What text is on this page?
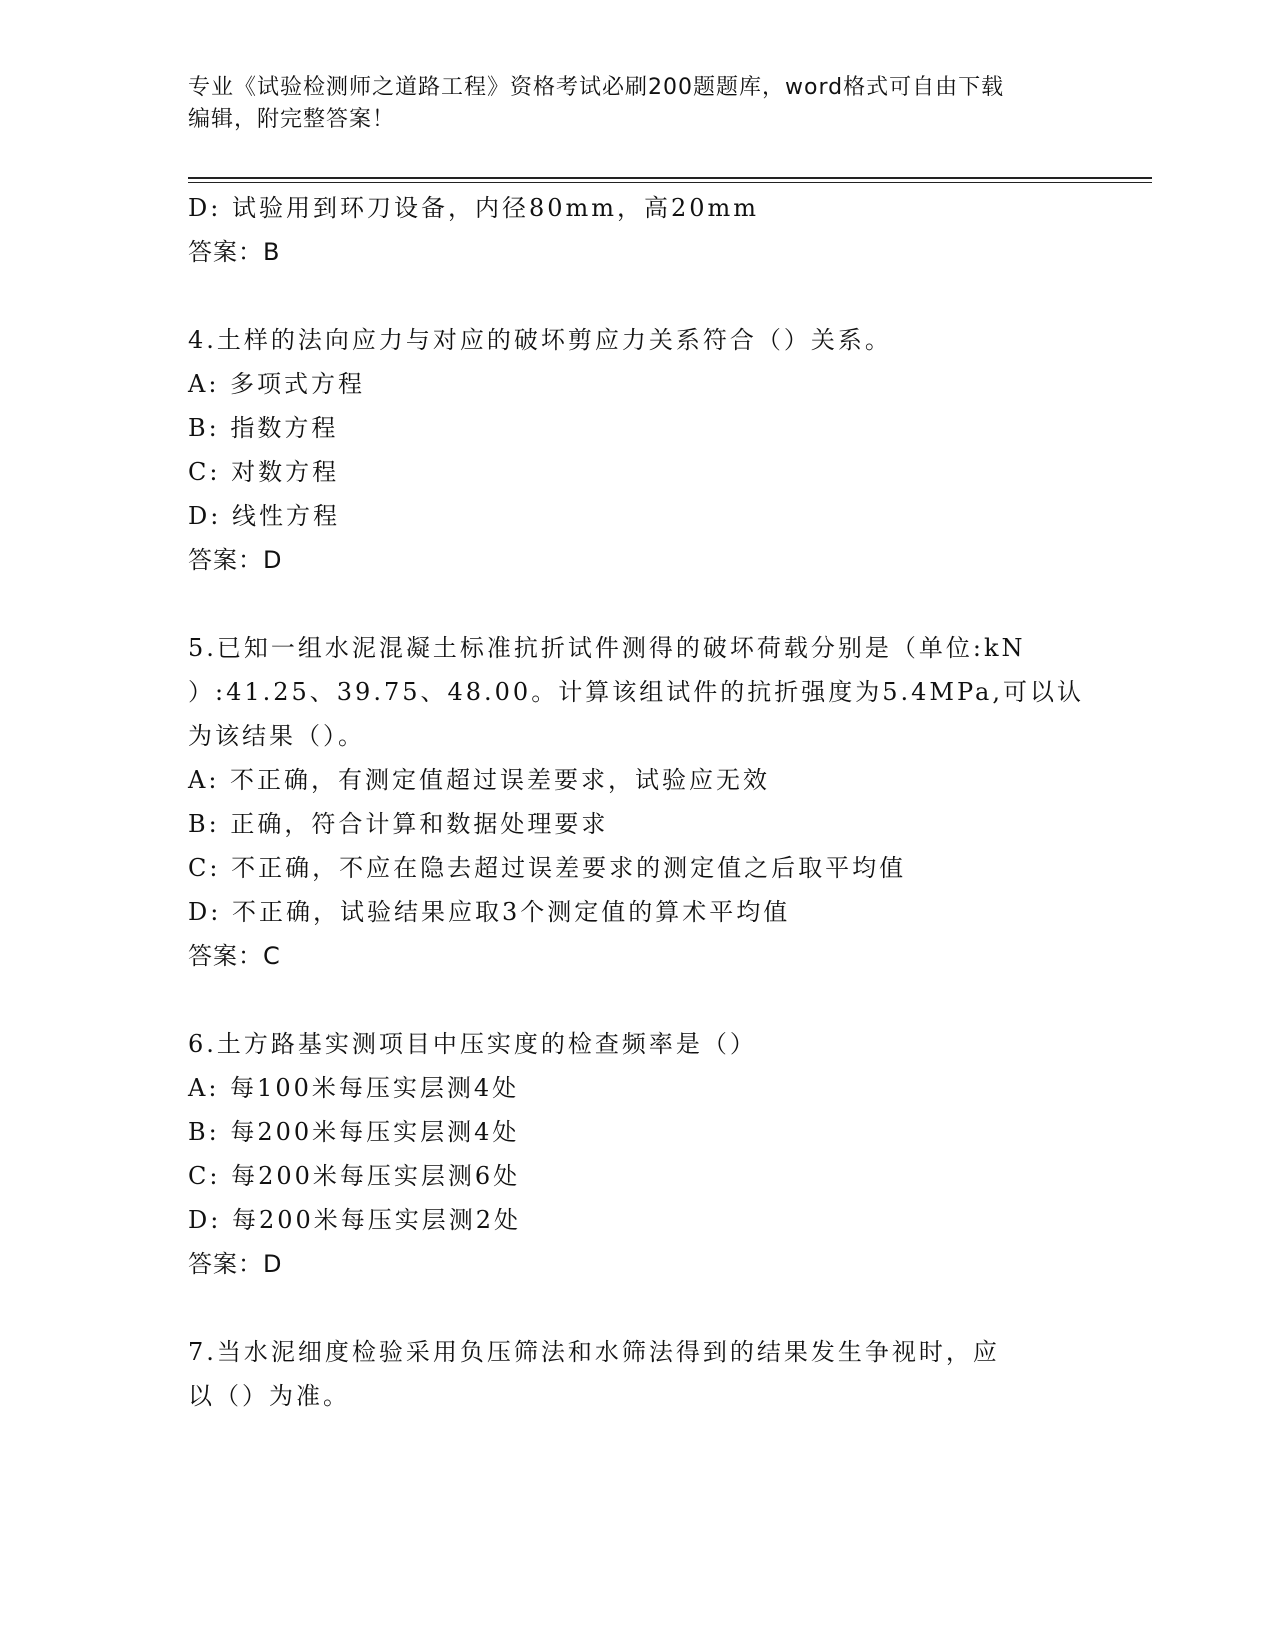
专业《试验检测师之道路工程》资格考试必刷200题题库，word格式可自由下载
编辑，附完整答案！
D: 试验用到环刀设备，内径80mm，高20mm
答案：B
4.土样的法向应力与对应的破坏剪应力关系符合（）关系。
A: 多项式方程
B: 指数方程
C: 对数方程
D: 线性方程
答案：D
5.已知一组水泥混凝土标准抗折试件测得的破坏荷载分别是（单位:kN
）:41.25、39.75、48.00。计算该组试件的抗折强度为5.4MPa,可以认
为该结果（）。
A: 不正确，有测定值超过误差要求，试验应无效
B: 正确，符合计算和数据处理要求
C: 不正确，不应在隐去超过误差要求的测定值之后取平均值
D: 不正确，试验结果应取3个测定值的算术平均值
答案：C
6.土方路基实测项目中压实度的检查频率是（）
A: 每100米每压实层测4处
B: 每200米每压实层测4处
C: 每200米每压实层测6处
D: 每200米每压实层测2处
答案：D
7.当水泥细度检验采用负压筛法和水筛法得到的结果发生争视时，应
以（）为准。
